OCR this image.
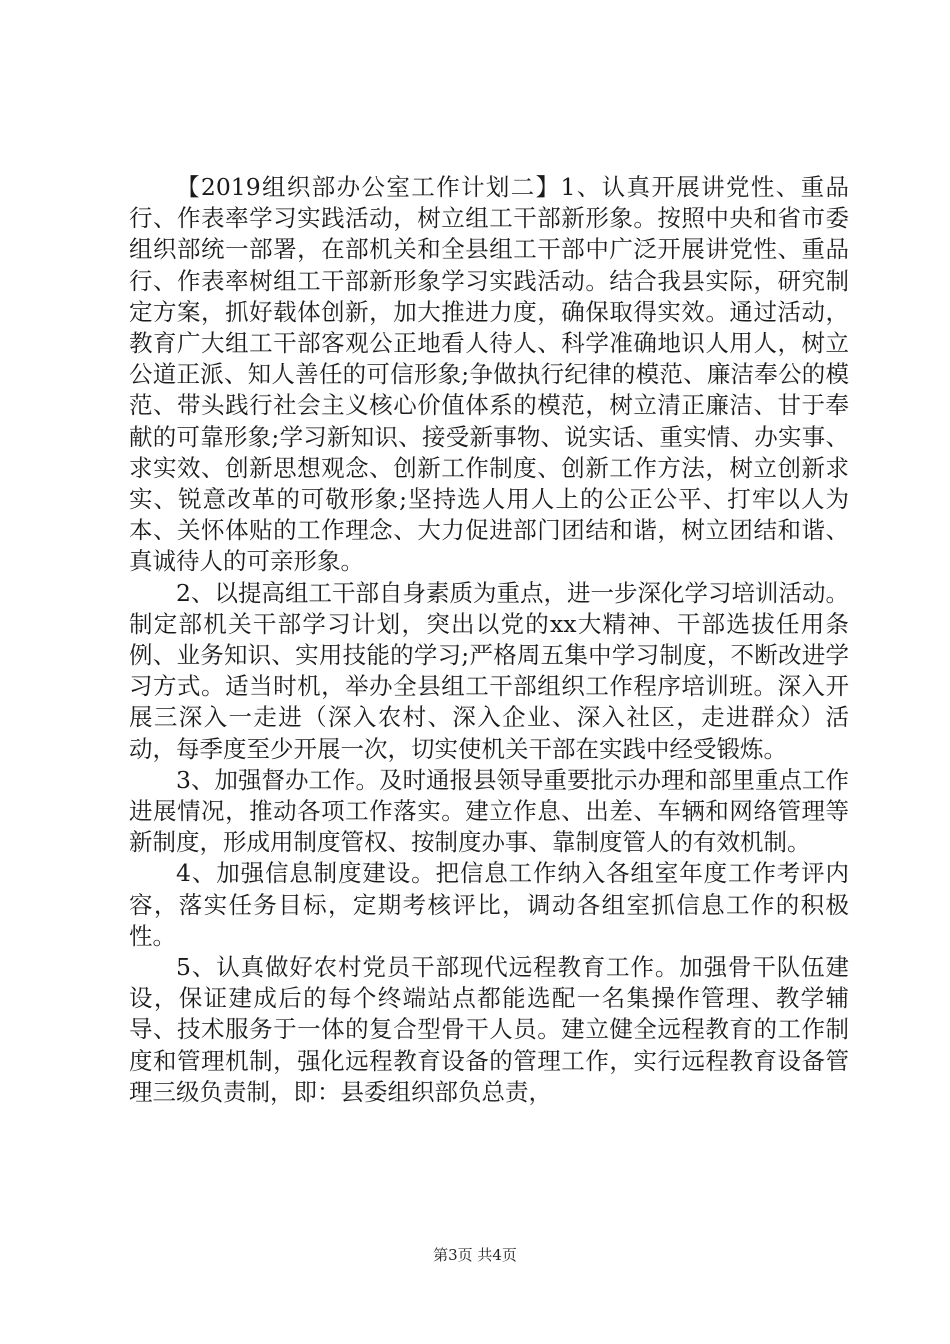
【2019组织部办公室工作计划二】1、认真开展讲党性、重品行、作表率学习实践活动，树立组工干部新形象。按照中央和省市委组织部统一部署，在部机关和全县组工干部中广泛开展讲党性、重品行、作表率树组工干部新形象学习实践活动。结合我县实际，研究制定方案，抓好载体创新，加大推进力度，确保取得实效。通过活动，教育广大组工干部客观公正地看人待人、科学准确地识人用人，树立公道正派、知人善任的可信形象;争做执行纪律的模范、廉洁奉公的模范、带头践行社会主义核心价值体系的模范，树立清正廉洁、甘于奉献的可靠形象;学习新知识、接受新事物、说实话、重实情、办实事、求实效、创新思想观念、创新工作制度、创新工作方法，树立创新求实、锐意改革的可敬形象;坚持选人用人上的公正公平、打牢以人为本、关怀体贴的工作理念、大力促进部门团结和谐，树立团结和谐、真诚待人的可亲形象。

2、以提高组工干部自身素质为重点，进一步深化学习培训活动。制定部机关干部学习计划，突出以党的xx大精神、干部选拔任用条例、业务知识、实用技能的学习;严格周五集中学习制度，不断改进学习方式。适当时机，举办全县组工干部组织工作程序培训班。深入开展三深入一走进（深入农村、深入企业、深入社区，走进群众）活动，每季度至少开展一次，切实使机关干部在实践中经受锻炼。

3、加强督办工作。及时通报县领导重要批示办理和部里重点工作进展情况，推动各项工作落实。建立作息、出差、车辆和网络管理等新制度，形成用制度管权、按制度办事、靠制度管人的有效机制。

4、加强信息制度建设。把信息工作纳入各组室年度工作考评内容，落实任务目标，定期考核评比，调动各组室抓信息工作的积极性。

5、认真做好农村党员干部现代远程教育工作。加强骨干队伍建设，保证建成后的每个终端站点都能选配一名集操作管理、教学辅导、技术服务于一体的复合型骨干人员。建立健全远程教育的工作制度和管理机制，强化远程教育设备的管理工作，实行远程教育设备管理三级负责制，即：县委组织部负总责，

第3页 共4页
